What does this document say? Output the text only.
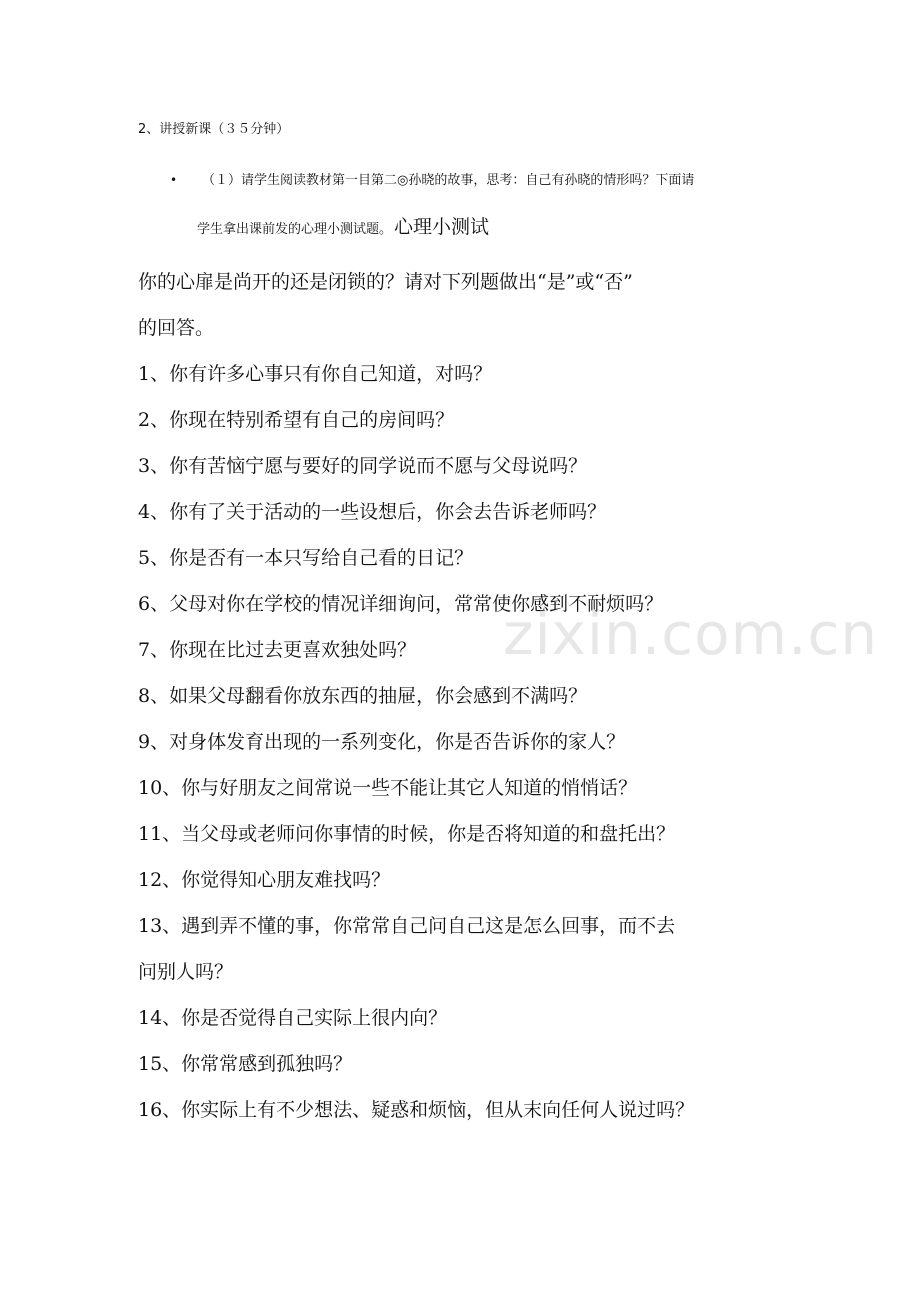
2、讲授新课（３５分钟）
• （１）请学生阅读教材第一目第二◎孙晓的故事，思考：自己有孙晓的情形吗？下面请
学生拿出课前发的心理小测试题。 心理小测试

你的心扉是尚开的还是闭锁的？请对下列题做出“是”或“否”

的回答。

1、你有许多心事只有你自己知道，对吗？

2、你现在特别希望有自己的房间吗？

3、你有苦恼宁愿与要好的同学说而不愿与父母说吗？

4、你有了关于活动的一些设想后，你会去告诉老师吗？

5、你是否有一本只写给自己看的日记？

6、父母对你在学校的情况详细询问，常常使你感到不耐烦吗？

7、你现在比过去更喜欢独处吗？

8、如果父母翻看你放东西的抽屉，你会感到不满吗？

9、对身体发育出现的一系列变化，你是否告诉你的家人？

10、你与好朋友之间常说一些不能让其它人知道的悄悄话？

11、当父母或老师问你事情的时候，你是否将知道的和盘托出？

12、你觉得知心朋友难找吗？

13、遇到弄不懂的事，你常常自己问自己这是怎么回事，而不去

问别人吗？

14、你是否觉得自己实际上很内向？

15、你常常感到孤独吗？

16、你实际上有不少想法、疑惑和烦恼，但从末向任何人说过吗？

zixin.com.cn
